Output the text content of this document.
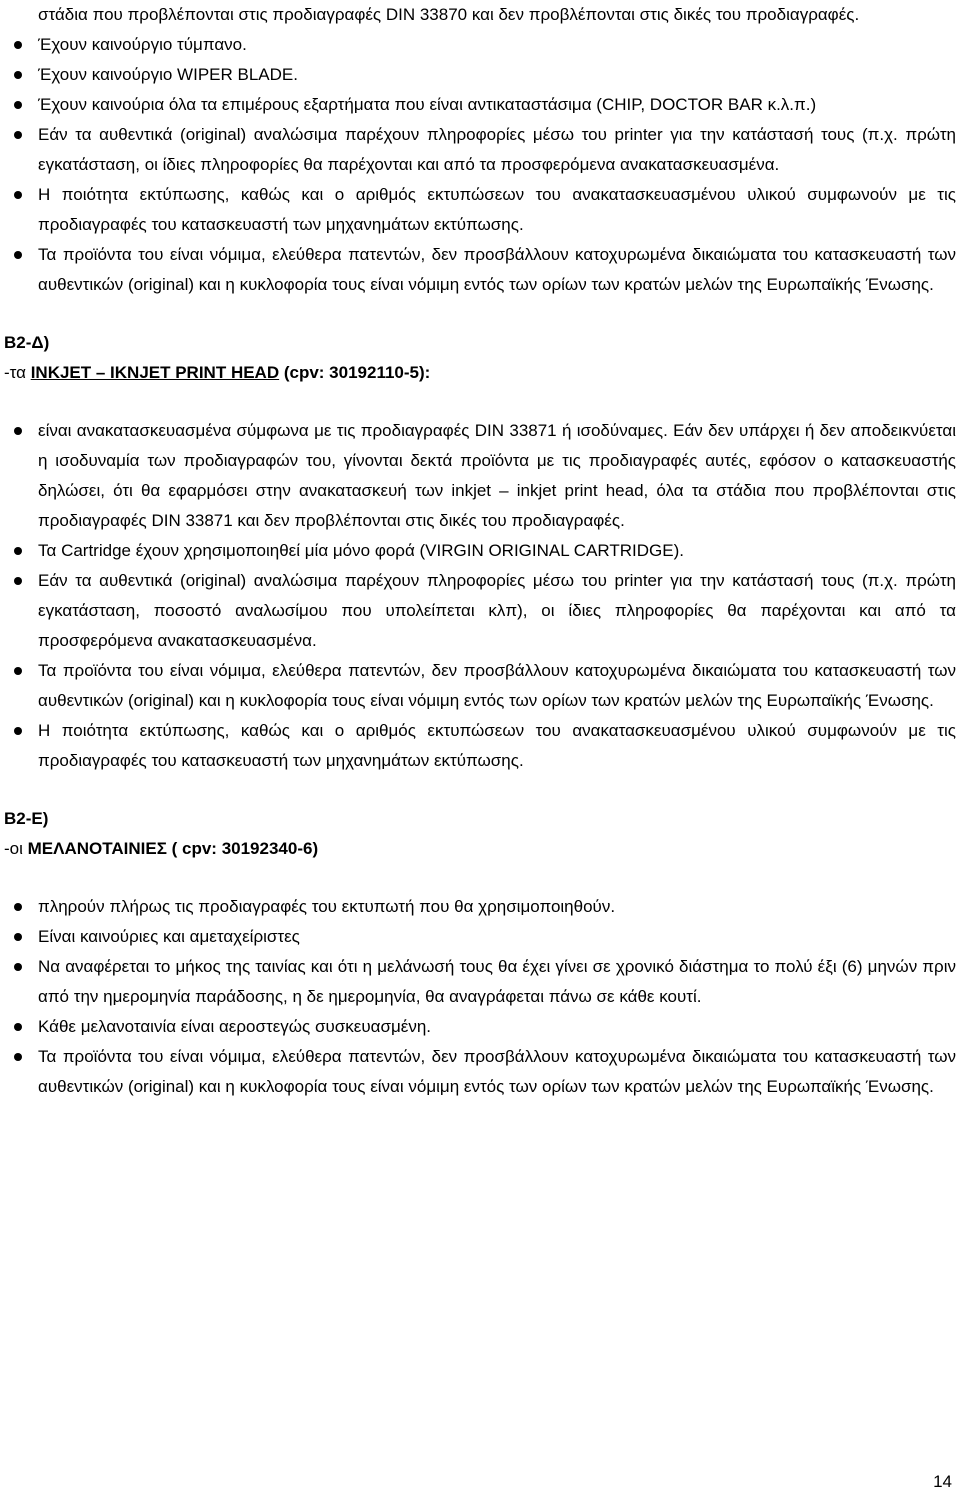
στάδια που προβλέπονται στις προδιαγραφές DIN 33870 και δεν προβλέπονται στις δικές του προδιαγραφές.

Έχουν καινούργιο τύμπανο.
Έχουν καινούργιο WIPER BLADE.
Έχουν καινούρια όλα τα επιμέρους εξαρτήματα που είναι αντικαταστάσιμα (CHIP, DOCTOR BAR κ.λ.π.)
Εάν τα αυθεντικά (original) αναλώσιμα παρέχουν πληροφορίες μέσω του printer για την κατάστασή τους (π.χ. πρώτη εγκατάσταση, οι ίδιες πληροφορίες θα παρέχονται και από τα προσφερόμενα ανακατασκευασμένα.
Η ποιότητα εκτύπωσης, καθώς και ο αριθμός εκτυπώσεων του ανακατασκευασμένου υλικού συμφωνούν με τις προδιαγραφές του κατασκευαστή των μηχανημάτων εκτύπωσης.
Τα προϊόντα του είναι νόμιμα, ελεύθερα πατεντών, δεν προσβάλλουν κατοχυρωμένα δικαιώματα του κατασκευαστή των αυθεντικών (original) και η κυκλοφορία τους είναι νόμιμη εντός των ορίων των κρατών μελών της Ευρωπαϊκής Ένωσης.
B2-Δ)
-τα INKJET – IKNJET PRINT HEAD (cpv: 30192110-5):
είναι ανακατασκευασμένα σύμφωνα με τις προδιαγραφές DIN 33871 ή ισοδύναμες. Εάν δεν υπάρχει ή δεν αποδεικνύεται η ισοδυναμία των προδιαγραφών του, γίνονται δεκτά προϊόντα με τις προδιαγραφές αυτές, εφόσον ο κατασκευαστής δηλώσει, ότι θα εφαρμόσει στην ανακατασκευή των inkjet – inkjet print head, όλα τα στάδια που προβλέπονται στις προδιαγραφές DIN 33871 και δεν προβλέπονται στις δικές του προδιαγραφές.
Τα Cartridge έχουν χρησιμοποιηθεί μία μόνο φορά (VIRGIN ORIGINAL CARTRIDGE).
Εάν τα αυθεντικά (original) αναλώσιμα παρέχουν πληροφορίες μέσω του printer για την κατάστασή τους (π.χ. πρώτη εγκατάσταση, ποσοστό αναλωσίμου που υπολείπεται κλπ), οι ίδιες πληροφορίες θα παρέχονται και από τα προσφερόμενα ανακατασκευασμένα.
Τα προϊόντα του είναι νόμιμα, ελεύθερα πατεντών, δεν προσβάλλουν κατοχυρωμένα δικαιώματα του κατασκευαστή των αυθεντικών (original) και η κυκλοφορία τους είναι νόμιμη εντός των ορίων των κρατών μελών της Ευρωπαϊκής Ένωσης.
Η ποιότητα εκτύπωσης, καθώς και ο αριθμός εκτυπώσεων του ανακατασκευασμένου υλικού συμφωνούν με τις προδιαγραφές του κατασκευαστή των μηχανημάτων εκτύπωσης.
B2-E)
-οι ΜΕΛΑΝΟΤΑΙΝΙΕΣ ( cpv: 30192340-6)
πληρούν πλήρως τις προδιαγραφές του εκτυπωτή που θα χρησιμοποιηθούν.
Είναι καινούριες και αμεταχείριστες
Να αναφέρεται το μήκος της ταινίας και ότι η μελάνωσή τους θα έχει γίνει σε χρονικό διάστημα το πολύ έξι (6) μηνών πριν από την ημερομηνία παράδοσης, η δε ημερομηνία, θα αναγράφεται πάνω σε κάθε κουτί.
Κάθε μελανοταινία είναι αεροστεγώς συσκευασμένη.
Τα προϊόντα του είναι νόμιμα, ελεύθερα πατεντών, δεν προσβάλλουν κατοχυρωμένα δικαιώματα του κατασκευαστή των αυθεντικών (original) και η κυκλοφορία τους είναι νόμιμη εντός των ορίων των κρατών μελών της Ευρωπαϊκής Ένωσης.
14
